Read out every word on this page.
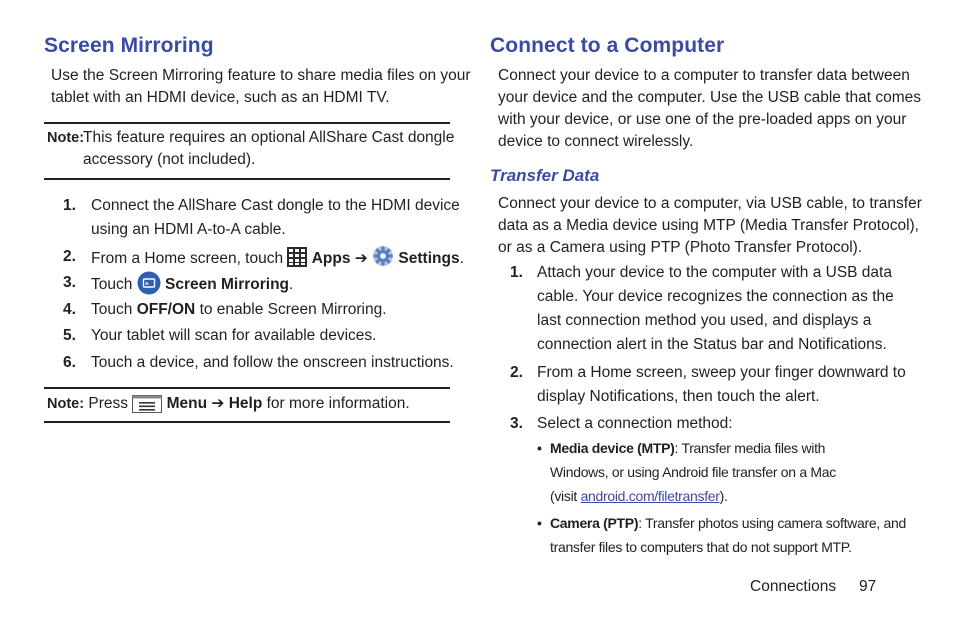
Screen Mirroring
Use the Screen Mirroring feature to share media files on your
tablet with an HDMI device, such as an HDMI TV.
Note:
This feature requires an optional AllShare Cast dongle
accessory (not included).
1. Connect the AllShare Cast dongle to the HDMI device
using an HDMI A-to-A cable.
2. From a Home screen, touch Apps ➔ Settings.
3. Touch Screen Mirroring.
4. Touch OFF/ON to enable Screen Mirroring.
5. Your tablet will scan for available devices.
6. Touch a device, and follow the onscreen instructions.
Note: Press Menu ➔ Help for more information.
Connect to a Computer
Connect your device to a computer to transfer data between
your device and the computer. Use the USB cable that comes
with your device, or use one of the pre-loaded apps on your
device to connect wirelessly.
Transfer Data
Connect your device to a computer, via USB cable, to transfer
data as a Media device using MTP (Media Transfer Protocol),
or as a Camera using PTP (Photo Transfer Protocol).
1. Attach your device to the computer with a USB data
cable. Your device recognizes the connection as the
last connection method you used, and displays a
connection alert in the Status bar and Notifications.
2. From a Home screen, sweep your finger downward to
display Notifications, then touch the alert.
3. Select a connection method:
• Media device (MTP): Transfer media files with
Windows, or using Android file transfer on a Mac
(visit android.com/filetransfer).
• Camera (PTP): Transfer photos using camera software, and
transfer files to computers that do not support MTP.
Connections 97
